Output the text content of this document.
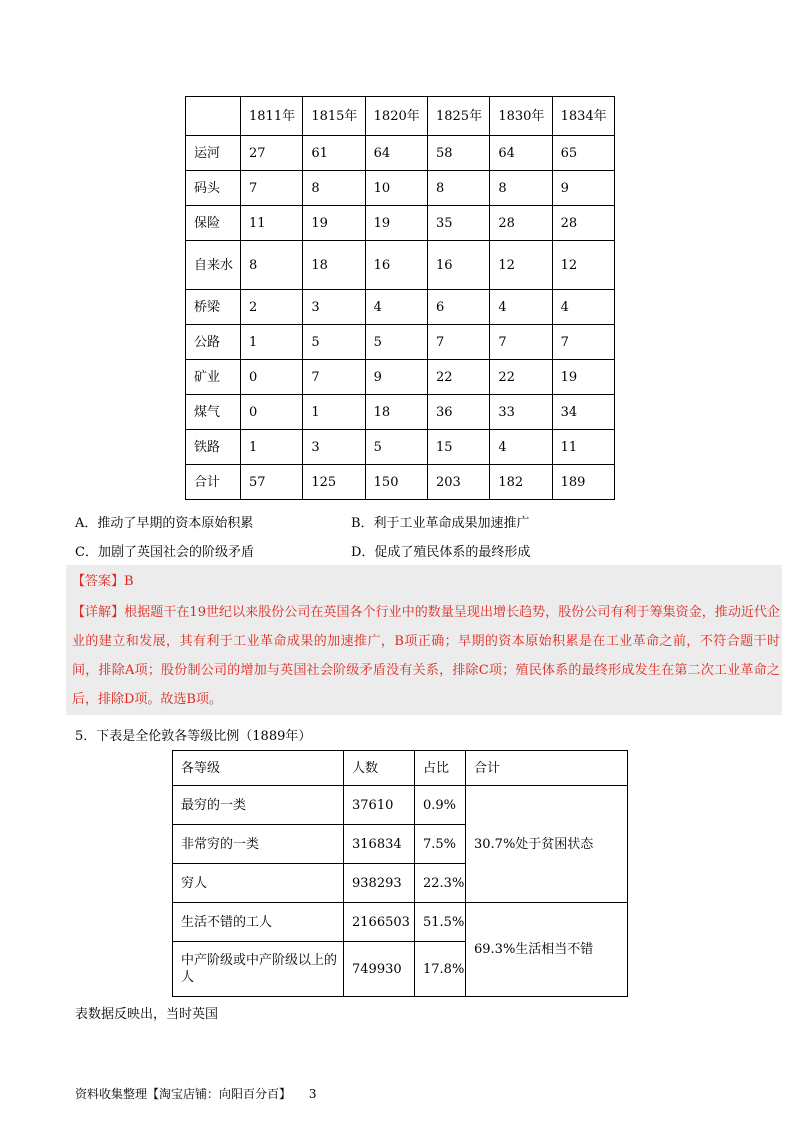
	1811年	1815年	1820年	1825年	1830年	1834年
运河	27	61	64	58	64	65
码头	7	8	10	8	8	9
保险	11	19	19	35	28	28
自来水	8	18	16	16	12	12
桥梁	2	3	4	6	4	4
公路	1	5	5	7	7	7
矿业	0	7	9	22	22	19
煤气	0	1	18	36	33	34
铁路	1	3	5	15	4	11
合计	57	125	150	203	182	189
A．推动了早期的资本原始积累	B．利于工业革命成果加速推广
C．加剧了英国社会的阶级矛盾	D．促成了殖民体系的最终形成
【答案】B
【详解】根据题干在19世纪以来股份公司在英国各个行业中的数量呈现出增长趋势，股份公司有利于筹集资金，推动近代企业的建立和发展，其有利于工业革命成果的加速推广，B项正确；早期的资本原始积累是在工业革命之前，不符合题干时间，排除A项；股份制公司的增加与英国社会阶级矛盾没有关系，排除C项；殖民体系的最终形成发生在第二次工业革命之后，排除D项。故选B项。
5．下表是全伦敦各等级比例（1889年）
各等级	人数	占比	合计
最穷的一类	37610	0.9%	30.7%处于贫困状态
非常穷的一类	316834	7.5%	
穷人	938293	22.3%	
生活不错的工人	2166503	51.5%	69.3%生活相当不错
中产阶级或中产阶级以上的人	749930	17.8%	
表数据反映出，当时英国
资料收集整理【淘宝店铺：向阳百分百】 3
